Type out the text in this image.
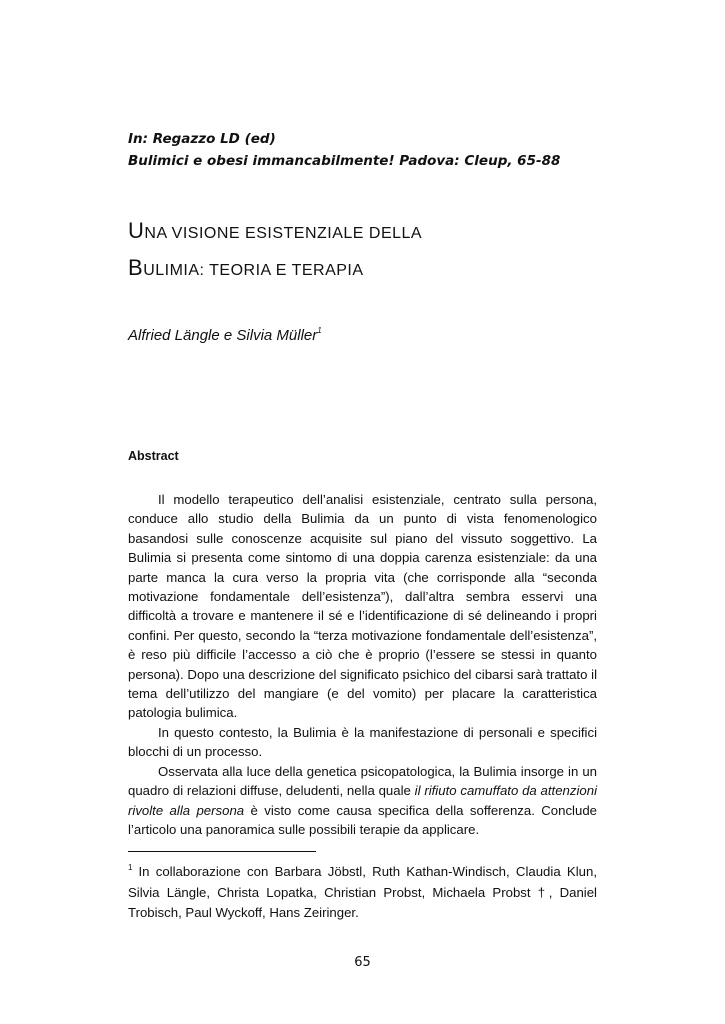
In: Regazzo LD (ed)
Bulimici e obesi immancabilmente! Padova: Cleup, 65-88
UNA VISIONE ESISTENZIALE DELLA
BULIMIA: TEORIA E TERAPIA
Alfried Längle e Silvia Müller$^1$
Abstract

Il modello terapeutico dell’analisi esistenziale, centrato sulla persona, conduce allo studio della Bulimia da un punto di vista fenomenologico basandosi sulle conoscenze acquisite sul piano del vissuto soggettivo. La Bulimia si presenta come sintomo di una doppia carenza esistenziale: da una parte manca la cura verso la propria vita (che corrisponde alla “seconda motivazione fondamentale dell’esistenza”), dall’altra sembra esservi una difficoltà a trovare e mantenere il sé e l’identificazione di sé delineando i propri confini. Per questo, secondo la “terza motivazione fondamentale dell’esistenza”, è reso più difficile l’accesso a ciò che è proprio (l’essere se stessi in quanto persona). Dopo una descrizione del significato psichico del cibarsi sarà trattato il tema dell’utilizzo del mangiare (e del vomito) per placare la caratteristica patologia bulimica.

In questo contesto, la Bulimia è la manifestazione di personali e specifici blocchi di un processo.

Osservata alla luce della genetica psicopatologica, la Bulimia insorge in un quadro di relazioni diffuse, deludenti, nella quale il rifiuto camuffato da attenzioni rivolte alla persona è visto come causa specifica della sofferenza. Concludе l’articolo una panoramica sulle possibili terapie da applicare.

$^1$ In collaborazione con Barbara Jöbstl, Ruth Kathan-Windisch, Claudia Klun, Silvia Längle, Christa Lopatka, Christian Probst, Michaela Probst †, Daniel Trobisch, Paul Wyckoff, Hans Zeiringer.
65
